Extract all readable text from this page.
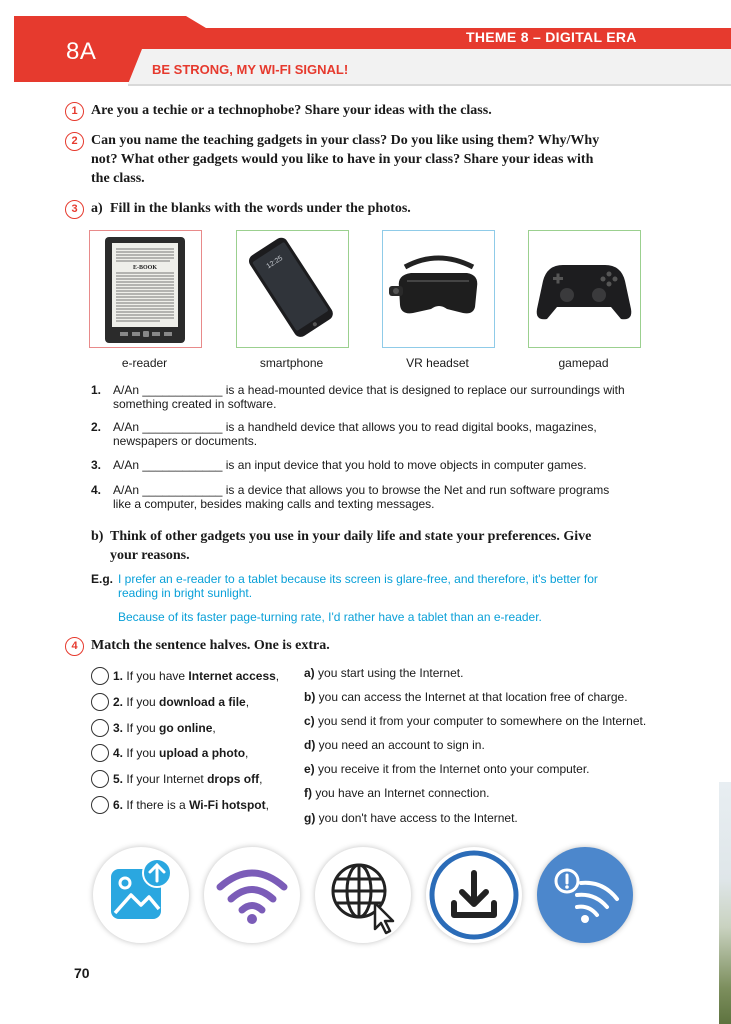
8A
THEME 8 – DIGITAL ERA
BE STRONG, MY WI-FI SIGNAL!
1 Are you a techie or a technophobe? Share your ideas with the class.
2 Can you name the teaching gadgets in your class? Do you like using them? Why/Why
not? What other gadgets would you like to have in your class? Share your ideas with
the class.
3 a) Fill in the blanks with the words under the photos.
E-BOOK	12:25
e-reader	smartphone	VR headset	gamepad
1. A/An ____________ is a head-mounted device that is designed to replace our surroundings with
something created in software.
2. A/An ____________ is a handheld device that allows you to read digital books, magazines,
newspapers or documents.
3. A/An ____________ is an input device that you hold to move objects in computer games.
4. A/An ____________ is a device that allows you to browse the Net and run software programs
like a computer, besides making calls and texting messages.
b) Think of other gadgets you use in your daily life and state your preferences. Give
your reasons.
E.g. I prefer an e-reader to a tablet because its screen is glare-free, and therefore, it's better for
reading in bright sunlight.
Because of its faster page-turning rate, I'd rather have a tablet than an e-reader.
4 Match the sentence halves. One is extra.
1. If you have Internet access,
2. If you download a file,
3. If you go online,
4. If you upload a photo,
5. If your Internet drops off,
6. If there is a Wi-Fi hotspot,
a) you start using the Internet.
b) you can access the Internet at that location free of charge.
c) you send it from your computer to somewhere on the Internet.
d) you need an account to sign in.
e) you receive it from the Internet onto your computer.
f) you have an Internet connection.
g) you don't have access to the Internet.
70
